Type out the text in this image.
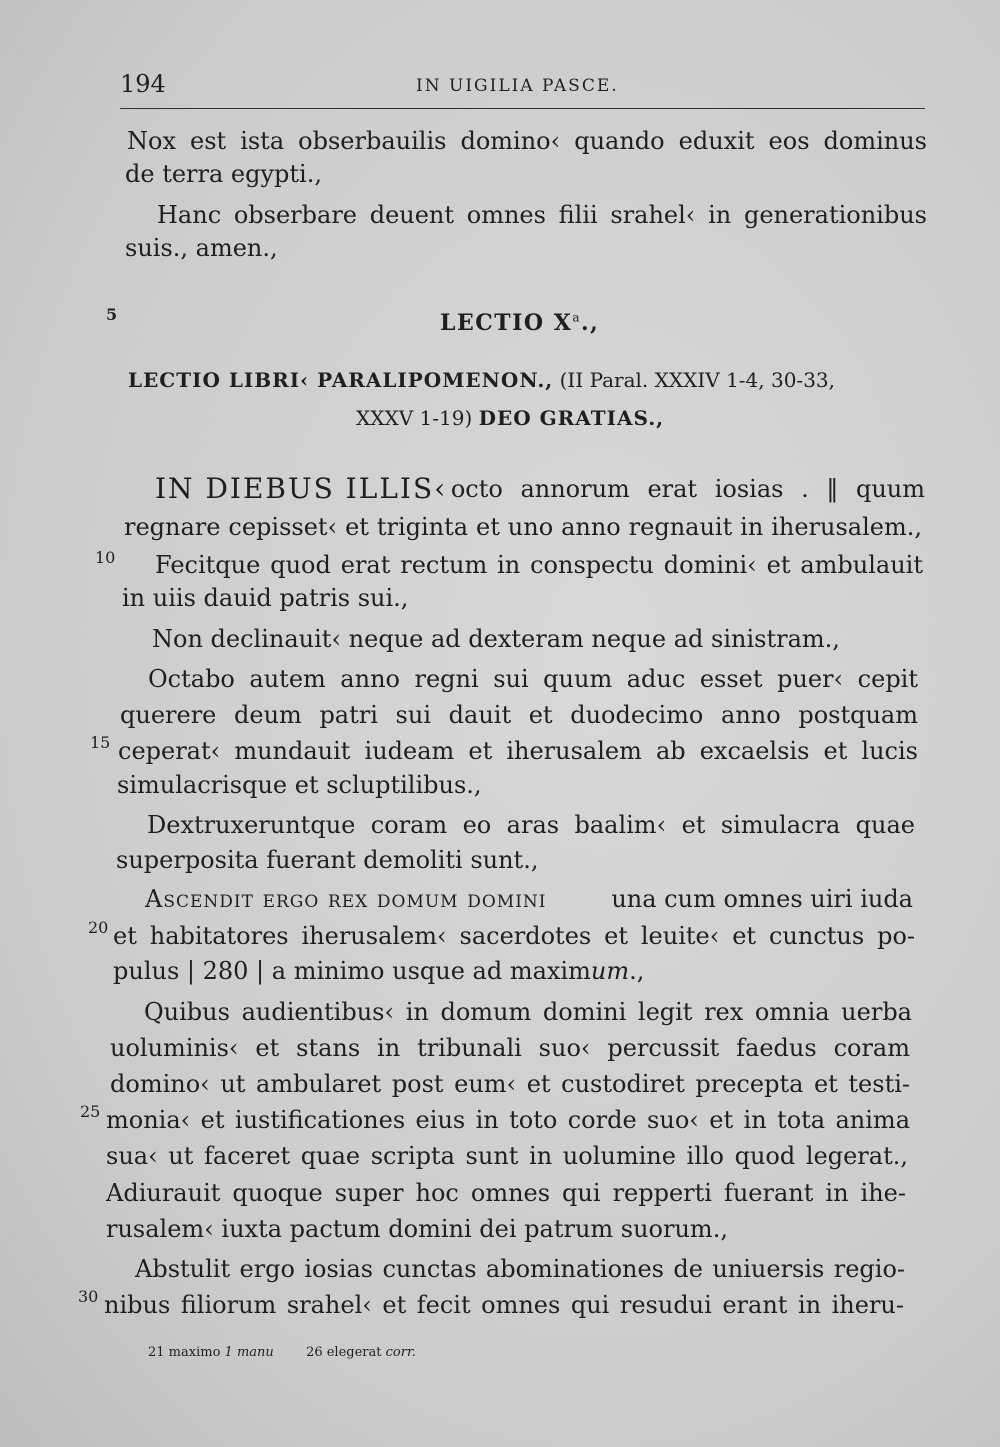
194	IN UIGILIA PASCE.
Nox est ista obserbauilis domino‹ quando eduxit eos dominus
de terra egypti.,
Hanc obserbare deuent omnes filii srahel‹ in generationibus
suis., amen.,
5	LECTIO $X^a$.,
LECTIO LIBRI‹ PARALIPOMENON., (II Paral. XXXIV 1-4, 30-33,
XXXV 1-19) DEO GRATIAS.,
IN DIEBUS ILLIS‹ octo annorum erat iosias . ‖ quum
regnare cepisset‹ et triginta et uno anno regnauit in iherusalem.,
10 Fecitque quod erat rectum in conspectu domini‹ et ambulauit
in uiis dauid patris sui.,
Non declinauit‹ neque ad dexteram neque ad sinistram.,
Octabo autem anno regni sui quum aduc esset puer‹ cepit
querere deum patri sui dauit et duodecimo anno postquam
15 ceperat‹ mundauit iudeam et iherusalem ab excaelsis et lucis
simulacrisque et scluptilibus.,
Dextruxeruntque coram eo aras baalim‹ et simulacra quae
superposita fuerant demoliti sunt.,
Ascendit ergo rex domum domini	una cum omnes uiri iuda
20 et habitatores iherusalem‹ sacerdotes et leuite‹ et cunctus po-
pulus | 280 | a minimo usque ad maximum.,
Quibus audientibus‹ in domum domini legit rex omnia uerba
uoluminis‹ et stans in tribunali suo‹ percussit faedus coram
domino‹ ut ambularet post eum‹ et custodiret precepta et testi-
25 monia‹ et iustificationes eius in toto corde suo‹ et in tota anima
sua‹ ut faceret quae scripta sunt in uolumine illo quod legerat.,
Adiurauit quoque super hoc omnes qui repperti fuerant in ihe-
rusalem‹ iuxta pactum domini dei patrum suorum.,
Abstulit ergo iosias cunctas abominationes de uniuersis regio-
30 nibus filiorum srahel‹ et fecit omnes qui resudui erant in iheru-
21 maximo 1 manu 26 elegerat corr.
